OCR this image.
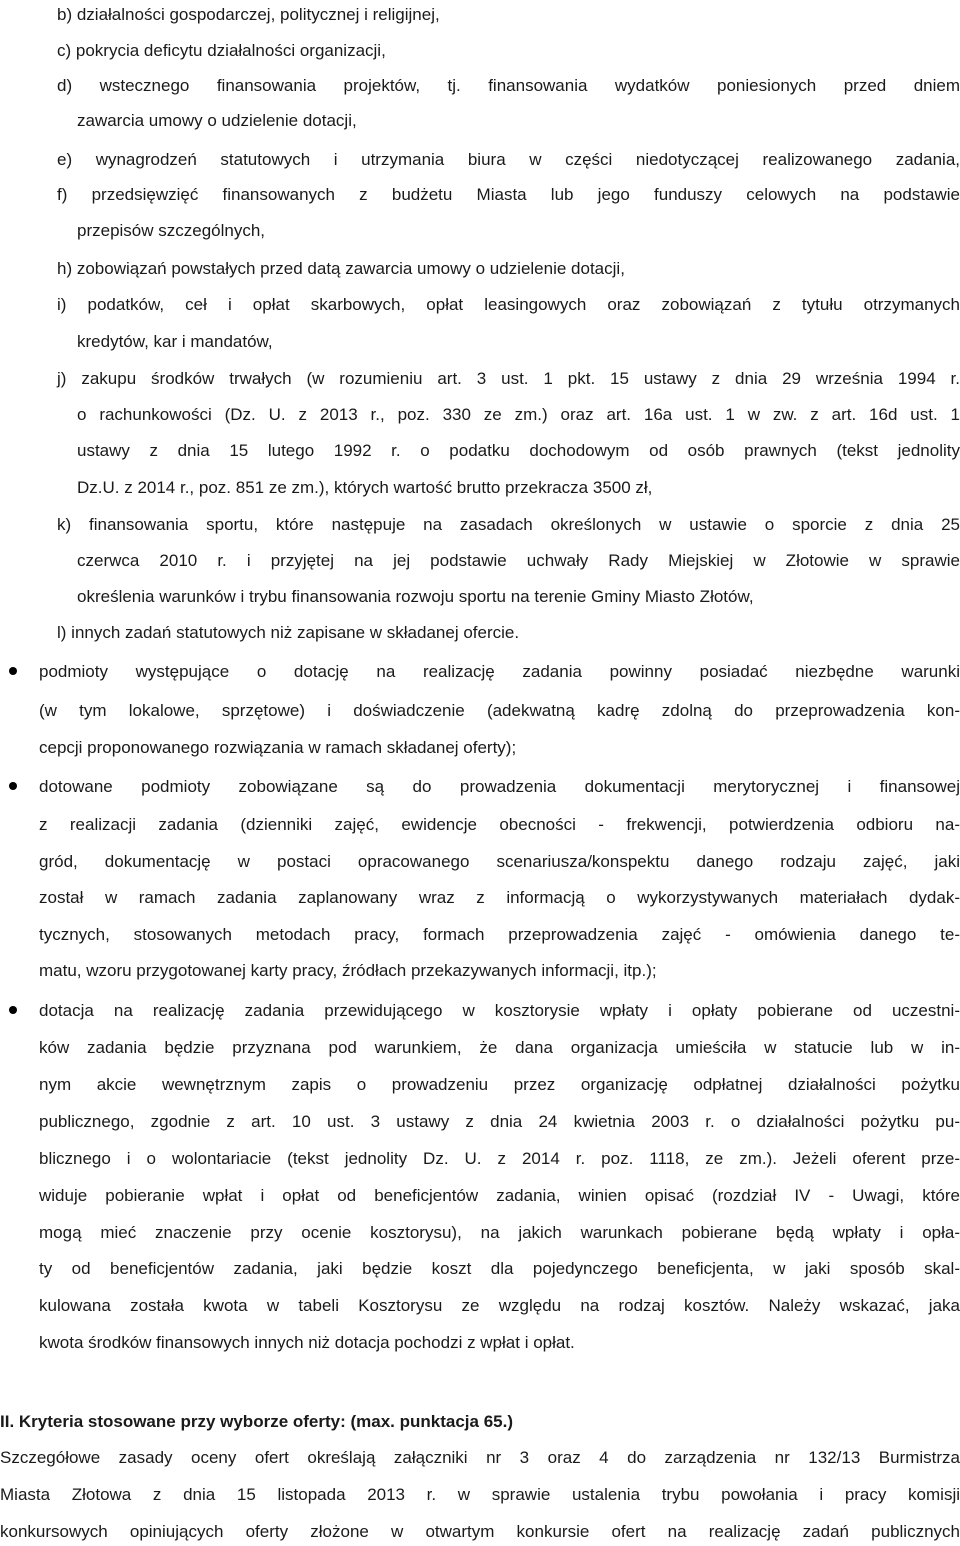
b) działalności gospodarczej, politycznej i religijnej,
c) pokrycia deficytu działalności organizacji,
d) wstecznego finansowania projektów, tj. finansowania wydatków poniesionych przed dniem
zawarcia umowy o udzielenie dotacji,
e) wynagrodzeń statutowych i utrzymania biura w części niedotyczącej realizowanego zadania,
f) przedsięwzięć finansowanych z budżetu Miasta lub jego funduszy celowych na podstawie
przepisów szczególnych,
h) zobowiązań powstałych przed datą zawarcia umowy o udzielenie dotacji,
i) podatków, ceł i opłat skarbowych, opłat leasingowych oraz zobowiązań z tytułu otrzymanych
kredytów, kar i mandatów,
j) zakupu środków trwałych (w rozumieniu art. 3 ust. 1 pkt. 15 ustawy z dnia 29 września 1994 r.
o rachunkowości (Dz. U. z 2013 r., poz. 330 ze zm.) oraz art. 16a ust. 1 w zw. z art. 16d ust. 1
ustawy z dnia 15 lutego 1992 r. o podatku dochodowym od osób prawnych (tekst jednolity
Dz.U. z 2014 r., poz. 851 ze zm.), których wartość brutto przekracza 3500 zł,
k) finansowania sportu, które następuje na zasadach określonych w ustawie o sporcie z dnia 25
czerwca 2010 r. i przyjętej na jej podstawie uchwały Rady Miejskiej w Złotowie w sprawie
określenia warunków i trybu finansowania rozwoju sportu na terenie Gminy Miasto Złotów,
l) innych zadań statutowych niż zapisane w składanej ofercie.
podmioty występujące o dotację na realizację zadania powinny posiadać niezbędne warunki
(w tym lokalowe, sprzętowe) i doświadczenie (adekwatną kadrę zdolną do przeprowadzenia kon-
cepcji proponowanego rozwiązania w ramach składanej oferty);
dotowane podmioty zobowiązane są do prowadzenia dokumentacji merytorycznej i finansowej
z realizacji zadania (dzienniki zajęć, ewidencje obecności - frekwencji, potwierdzenia odbioru na-
gród, dokumentację w postaci opracowanego scenariusza/konspektu danego rodzaju zajęć, jaki
został w ramach zadania zaplanowany wraz z informacją o wykorzystywanych materiałach dydak-
tycznych, stosowanych metodach pracy, formach przeprowadzenia zajęć - omówienia danego te-
matu, wzoru przygotowanej karty pracy, źródłach przekazywanych informacji, itp.);
dotacja na realizację zadania przewidującego w kosztorysie wpłaty i opłaty pobierane od uczestni-
ków zadania będzie przyznana pod warunkiem, że dana organizacja umieściła w statucie lub w in-
nym akcie wewnętrznym zapis o prowadzeniu przez organizację odpłatnej działalności pożytku
publicznego, zgodnie z art. 10 ust. 3 ustawy z dnia 24 kwietnia 2003 r. o działalności pożytku pu-
blicznego i o wolontariacie (tekst jednolity Dz. U. z 2014 r. poz. 1118, ze zm.). Jeżeli oferent prze-
widuje pobieranie wpłat i opłat od beneficjentów zadania, winien opisać (rozdział IV - Uwagi, które
mogą mieć znaczenie przy ocenie kosztorysu), na jakich warunkach pobierane będą wpłaty i opła-
ty od beneficjentów zadania, jaki będzie koszt dla pojedynczego beneficjenta, w jaki sposób skal-
kulowana została kwota w tabeli Kosztorysu ze względu na rodzaj kosztów. Należy wskazać, jaka
kwota środków finansowych innych niż dotacja pochodzi z wpłat i opłat.
II. Kryteria stosowane przy wyborze oferty: (max. punktacja 65.)
Szczegółowe zasady oceny ofert określają załączniki nr 3 oraz 4 do zarządzenia nr 132/13 Burmistrza
Miasta Złotowa z dnia 15 listopada 2013 r. w sprawie ustalenia trybu powołania i pracy komisji
konkursowych opiniujących oferty złożone w otwartym konkursie ofert na realizację zadań publicznych
